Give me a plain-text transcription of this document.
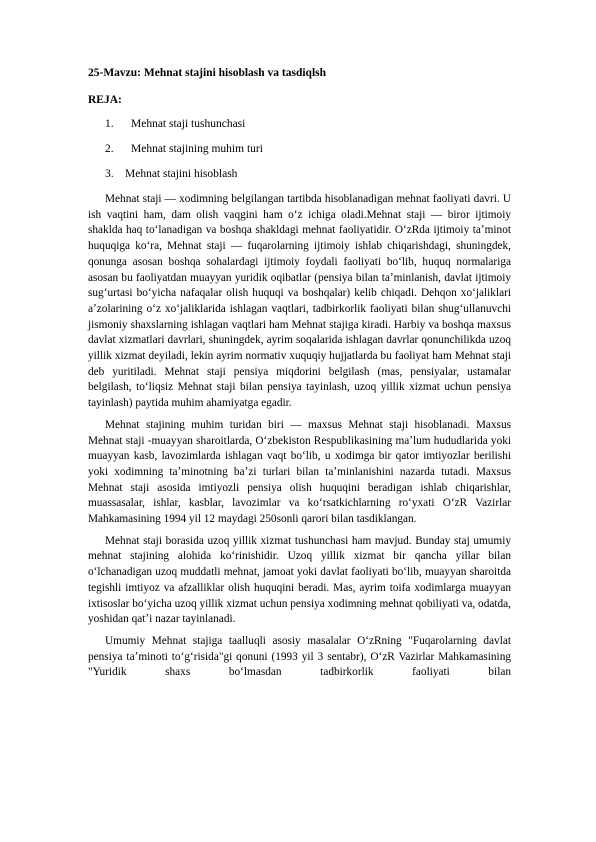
25-Mavzu: Mehnat stajini hisoblash va tasdiqlsh

REJA:

1. Mehnat staji tushunchasi
2. Mehnat stajining muhim turi
3. Mehnat stajini hisoblash

Mehnat staji — xodimning belgilangan tartibda hisoblanadigan mehnat faoliyati davri. U ish vaqtini ham, dam olish vaqgini ham o‘z ichiga oladi.Mehnat staji — biror ijtimoiy shaklda haq to‘lanadigan va boshqa shakldagi mehnat faoliyatidir. O‘zRda ijtimoiy taʼminot huquqiga ko‘ra, Mehnat staji — fuqarolarning ijtimoiy ishlab chiqarishdagi, shuningdek, qonunga asosan boshqa sohalardagi ijtimoiy foydali faoliyati bo‘lib, huquq normalariga asosan bu faoliyatdan muayyan yuridik oqibatlar (pensiya bilan taʼminlanish, davlat ijtimoiy sug‘urtasi bo‘yicha nafaqalar olish huquqi va boshqalar) kelib chiqadi. Dehqon xo‘jaliklari aʼzolarining o‘z xo‘jaliklarida ishlagan vaqtlari, tadbirkorlik faoliyati bilan shug‘ullanuvchi jismoniy shaxslarning ishlagan vaqtlari ham Mehnat stajiga kiradi. Harbiy va boshqa maxsus davlat xizmatlari davrlari, shuningdek, ayrim soqalarida ishlagan davrlar qonunchilikda uzoq yillik xizmat deyiladi, lekin ayrim normativ xuquqiy hujjatlarda bu faoliyat ham Mehnat staji deb yuritiladi. Mehnat staji pensiya miqdorini belgilash (mas, pensiyalar, ustamalar belgilash, to‘liqsiz Mehnat staji bilan pensiya tayinlash, uzoq yillik xizmat uchun pensiya tayinlash) paytida muhim ahamiyatga egadir.

Mehnat stajining muhim turidan biri — maxsus Mehnat staji hisoblanadi. Maxsus Mehnat staji -muayyan sharoitlarda, O‘zbekiston Respublikasining maʼlum hududlarida yoki muayyan kasb, lavozimlarda ishlagan vaqt bo‘lib, u xodimga bir qator imtiyozlar berilishi yoki xodimning taʼminotning baʼzi turlari bilan taʼminlanishini nazarda tutadi. Maxsus Mehnat staji asosida imtiyozli pensiya olish huquqini beradigan ishlab chiqarishlar, muassasalar, ishlar, kasblar, lavozimlar va ko‘rsatkichlarning ro‘yxati O‘zR Vazirlar Mahkamasining 1994 yil 12 maydagi 250sonli qarori bilan tasdiklangan.

Mehnat staji borasida uzoq yillik xizmat tushunchasi ham mavjud. Bunday staj umumiy mehnat stajining alohida ko‘rinishidir. Uzoq yillik xizmat bir qancha yillar bilan o‘lchanadigan uzoq muddatli mehnat, jamoat yoki davlat faoliyati bo‘lib, muayyan sharoitda tegishli imtiyoz va afzalliklar olish huquqini beradi. Mas, ayrim toifa xodimlarga muayyan ixtisoslar bo‘yicha uzoq yillik xizmat uchun pensiya xodimning mehnat qobiliyati va, odatda, yoshidan qatʼi nazar tayinlanadi.

Umumiy Mehnat stajiga taalluqli asosiy masalalar O‘zRning "Fuqarolarning davlat pensiya taʼminoti to‘g‘risida"gi qonuni (1993 yil 3 sentabr), O‘zR Vazirlar Mahkamasining "Yuridik shaxs bo‘lmasdan tadbirkorlik faoliyati bilan
